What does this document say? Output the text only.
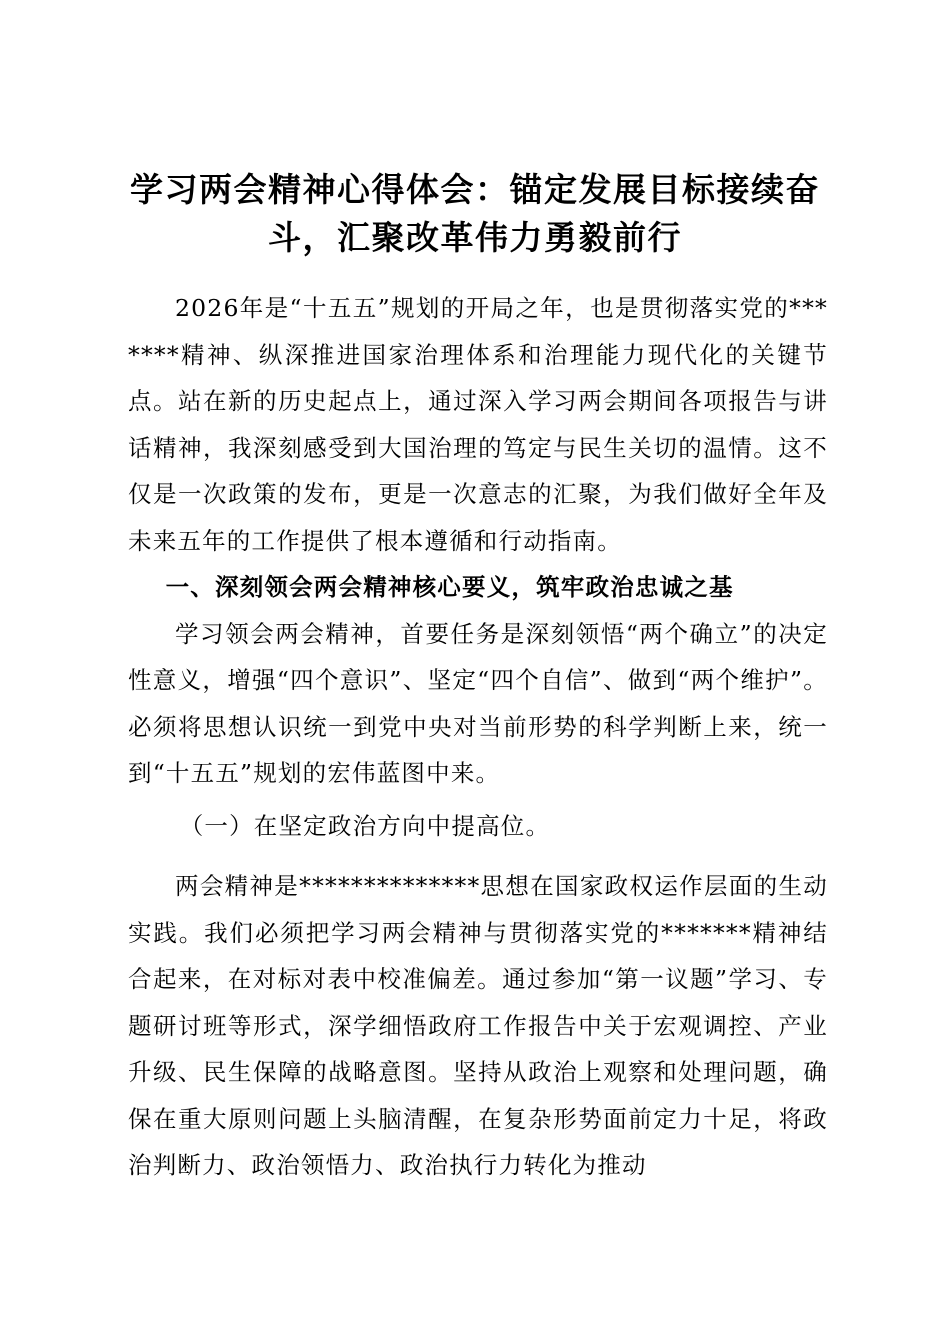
学习两会精神心得体会：锚定发展目标接续奋斗，汇聚改革伟力勇毅前行

2026年是“十五五”规划的开局之年，也是贯彻落实党的*******精神、纵深推进国家治理体系和治理能力现代化的关键节点。站在新的历史起点上，通过深入学习两会期间各项报告与讲话精神，我深刻感受到大国治理的笃定与民生关切的温情。这不仅是一次政策的发布，更是一次意志的汇聚，为我们做好全年及未来五年的工作提供了根本遵循和行动指南。

一、深刻领会两会精神核心要义，筑牢政治忠诚之基

学习领会两会精神，首要任务是深刻领悟“两个确立”的决定性意义，增强“四个意识”、坚定“四个自信”、做到“两个维护”。必须将思想认识统一到党中央对当前形势的科学判断上来，统一到“十五五”规划的宏伟蓝图中来。

（一）在坚定政治方向中提高位。

两会精神是**************思想在国家政权运作层面的生动实践。我们必须把学习两会精神与贯彻落实党的*******精神结合起来，在对标对表中校准偏差。通过参加“第一议题”学习、专题研讨班等形式，深学细悟政府工作报告中关于宏观调控、产业升级、民生保障的战略意图。坚持从政治上观察和处理问题，确保在重大原则问题上头脑清醒，在复杂形势面前定力十足，将政治判断力、政治领悟力、政治执行力转化为推动
